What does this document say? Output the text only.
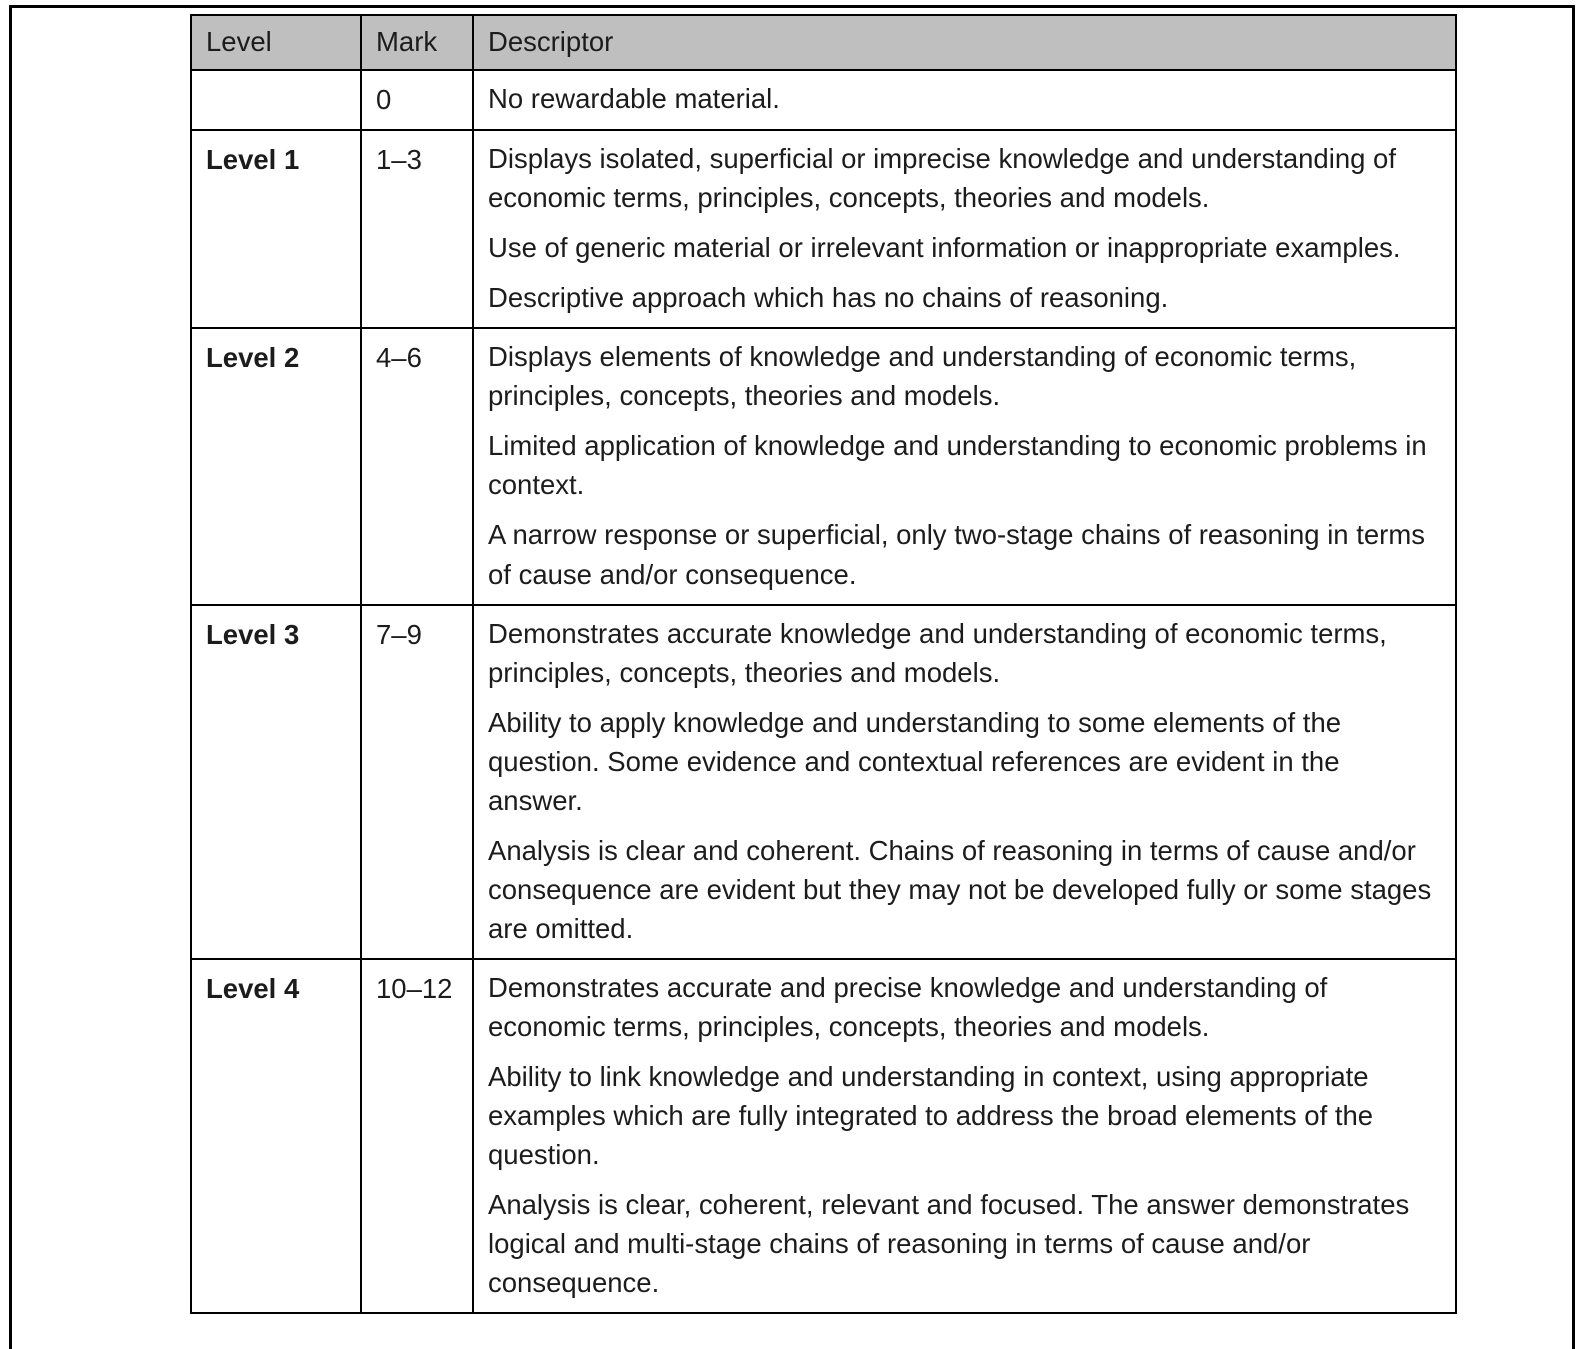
Level	Mark	Descriptor
	0	No rewardable material.

Level 1	1–3	Displays isolated, superficial or imprecise knowledge and understanding of economic terms, principles, concepts, theories and models.

Use of generic material or irrelevant information or inappropriate examples.

Descriptive approach which has no chains of reasoning.

Level 2	4–6	Displays elements of knowledge and understanding of economic terms, principles, concepts, theories and models.

Limited application of knowledge and understanding to economic problems in context.

A narrow response or superficial, only two-stage chains of reasoning in terms of cause and/or consequence.

Level 3	7–9	Demonstrates accurate knowledge and understanding of economic terms, principles, concepts, theories and models.

Ability to apply knowledge and understanding to some elements of the question. Some evidence and contextual references are evident in the answer.

Analysis is clear and coherent. Chains of reasoning in terms of cause and/or consequence are evident but they may not be developed fully or some stages are omitted.

Level 4	10–12	Demonstrates accurate and precise knowledge and understanding of economic terms, principles, concepts, theories and models.

Ability to link knowledge and understanding in context, using appropriate examples which are fully integrated to address the broad elements of the question.

Analysis is clear, coherent, relevant and focused. The answer demonstrates logical and multi-stage chains of reasoning in terms of cause and/or consequence.
